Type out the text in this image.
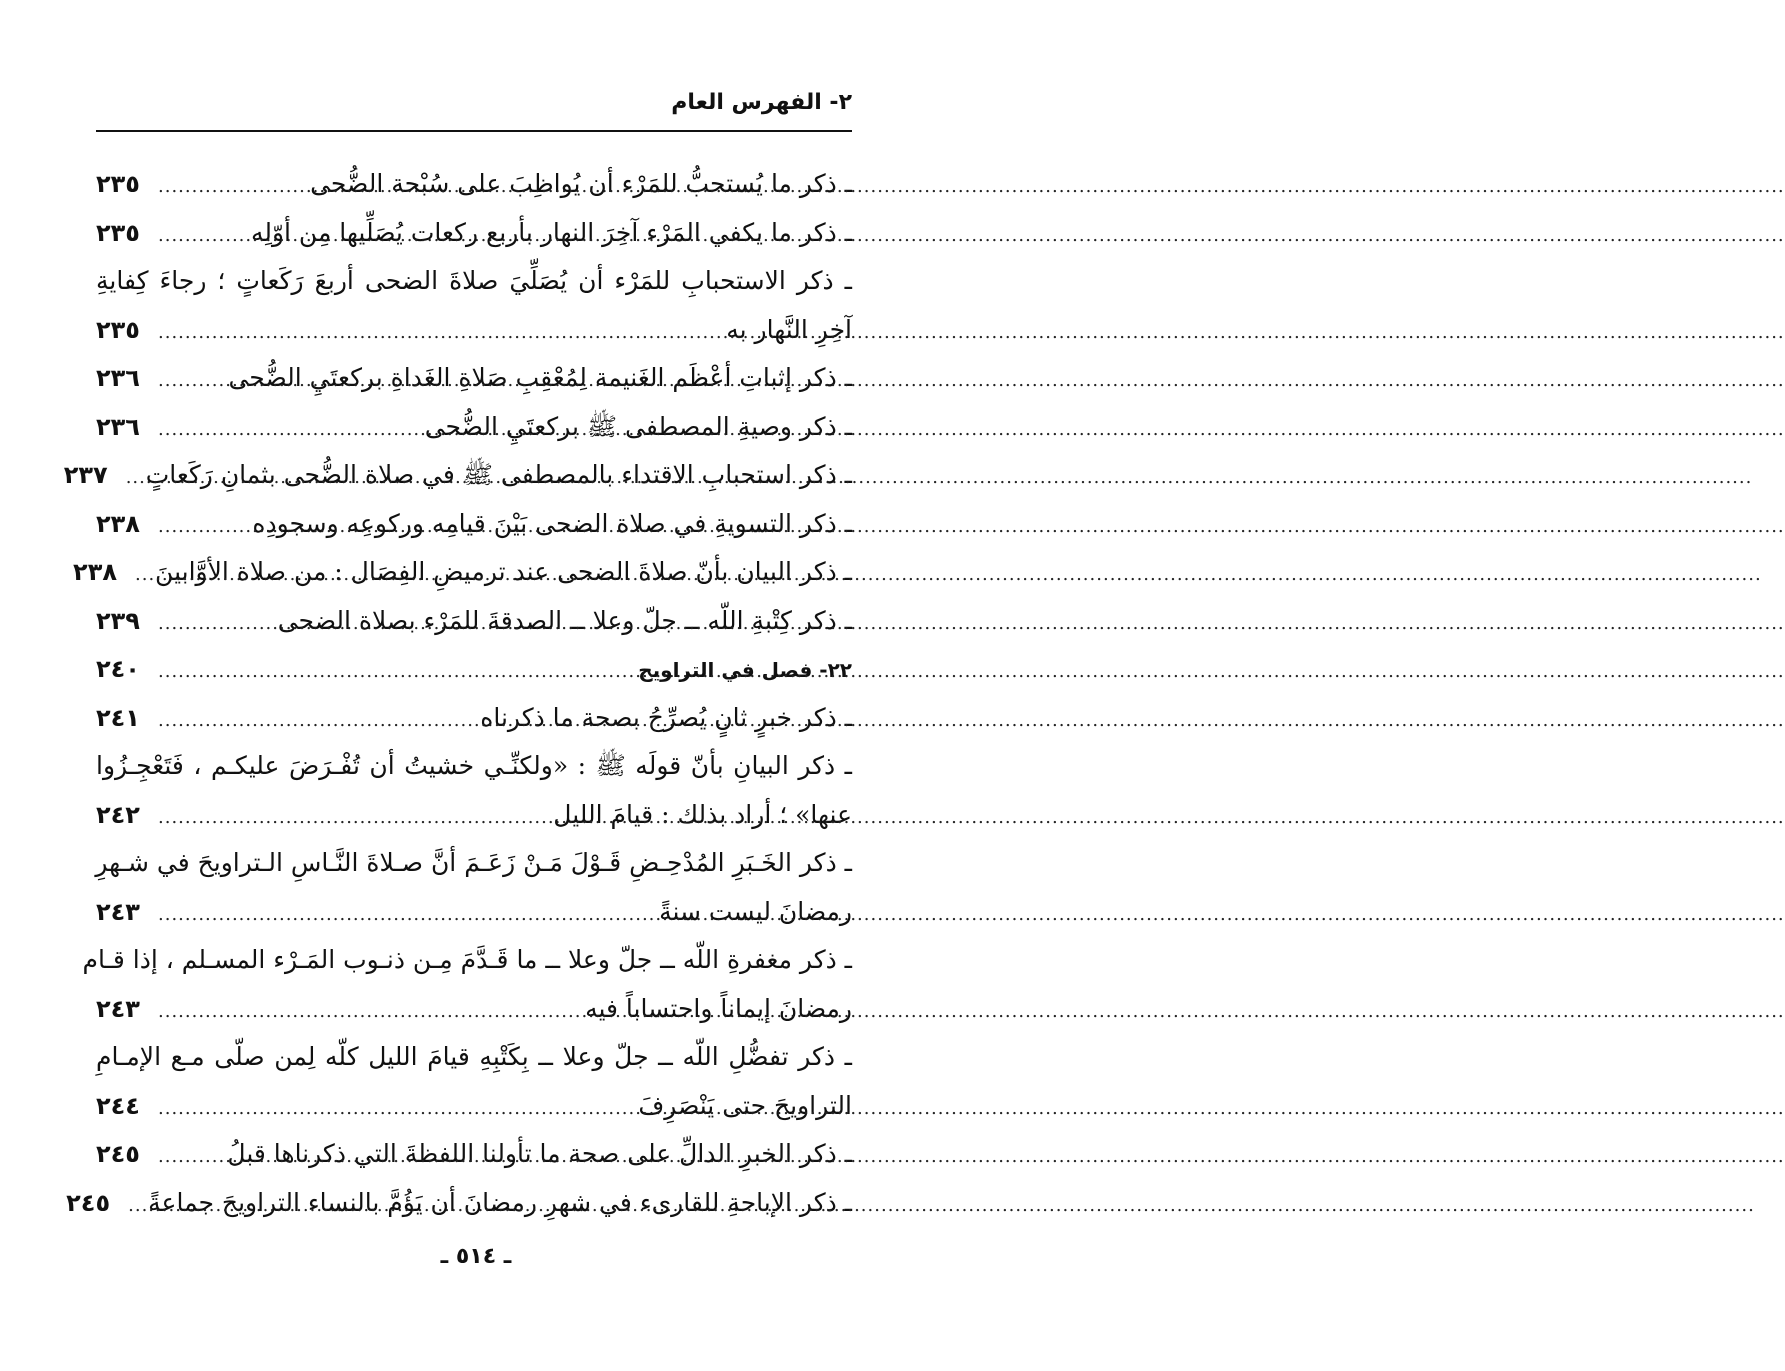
٢- الفهرس العام
ـ ذكر ما يُستحبُّ للمَرْء أن يُواظِبَ على سُبْحة الضُّحى
.....
٢٣٥
ـ ذكر ما يكفي المَرْء آخِرَ النهار بأربع ركعات يُصَلِّيها مِن أوّلِه
.....
٢٣٥
ـ ذكر الاستحبابِ للمَرْء أن يُصَلِّيَ صلاةَ الضحى أربعَ رَكَعاتٍ ؛ رجاءَ كِفايةِ
آخِرِ النَّهار به
.....
٢٣٥
ـ ذكر إثباتِ أعْظَم الغَنيمة لِمُعْقِبِ صَلاةِ الغَداةِ بركعتَيِ الضُّحى
.....
٢٣٦
ـ ذكر وصيةِ المصطفى ﷺ بركعتَيِ الضُّحى
.....
٢٣٦
ـ ذكر استحبابِ الاقتداء بالمصطفى ﷺ في صلاة الضُّحى بثمانِ رَكَعاتٍ
.....
٢٣٧
ـ ذكر التسويةِ في صلاة الضحى بَيْنَ قيامِه وركوعِه وسجودِه
.....
٢٣٨
ـ ذكر البيان بأنّ صلاةَ الضحى عند ترميضِ الفِصَال : من صلاة الأوَّابينَ
.....
٢٣٨
ـ ذكر كِتْبةِ اللّه ــ جلّ وعلا ــ الصدقةَ للمَرْء بصلاة الضحى
.....
٢٣٩
٢٢- فصل في التراويح
.....
٢٤٠
ـ ذكر خبرٍ ثانٍ يُصرِّحُ بصحة ما ذكرناه
.....
٢٤١
ـ ذكر البيانِ بأنّ قولَه ﷺ : «ولكنِّـي خشيتُ أن تُفْـرَضَ عليكـم ، فَتَعْجِـزُوا
عنها» ؛ أراد بذلك : قيامَ الليل
.....
٢٤٢
ـ ذكر الخَـبَرِ المُدْحِـضِ قَـوْلَ مَـنْ زَعَـمَ أنَّ صـلاةَ النَّـاسِ الـتراويحَ في شـهرِ
رمضانَ ليست سنةً
.....
٢٤٣
ـ ذكر مغفرةِ اللّه ــ جلّ وعلا ــ ما قَـدَّمَ مِـن ذنـوب المَـرْء المسـلم ، إذا قـام
رمضانَ إيماناً واحتساباً فيه
.....
٢٤٣
ـ ذكر تفضُّلِ اللّه ــ جلّ وعلا ــ بِكَتْبِهِ قيامَ الليل كلّه لِمن صلّى مـع الإمـامِ
التراويحَ حتى يَنْصَرِفَ
.....
٢٤٤
ـ ذكر الخبرِ الدالِّ على صحة ما تأولنا اللفظةَ التي ذكرناها قبلُ
.....
٢٤٥
ـ ذكر الإباحةِ للقارىء في شهرِ رمضانَ أن يَؤُمَّ بالنساء التراويحَ جماعةً
.....
٢٤٥
ـ ٥١٤ ـ
